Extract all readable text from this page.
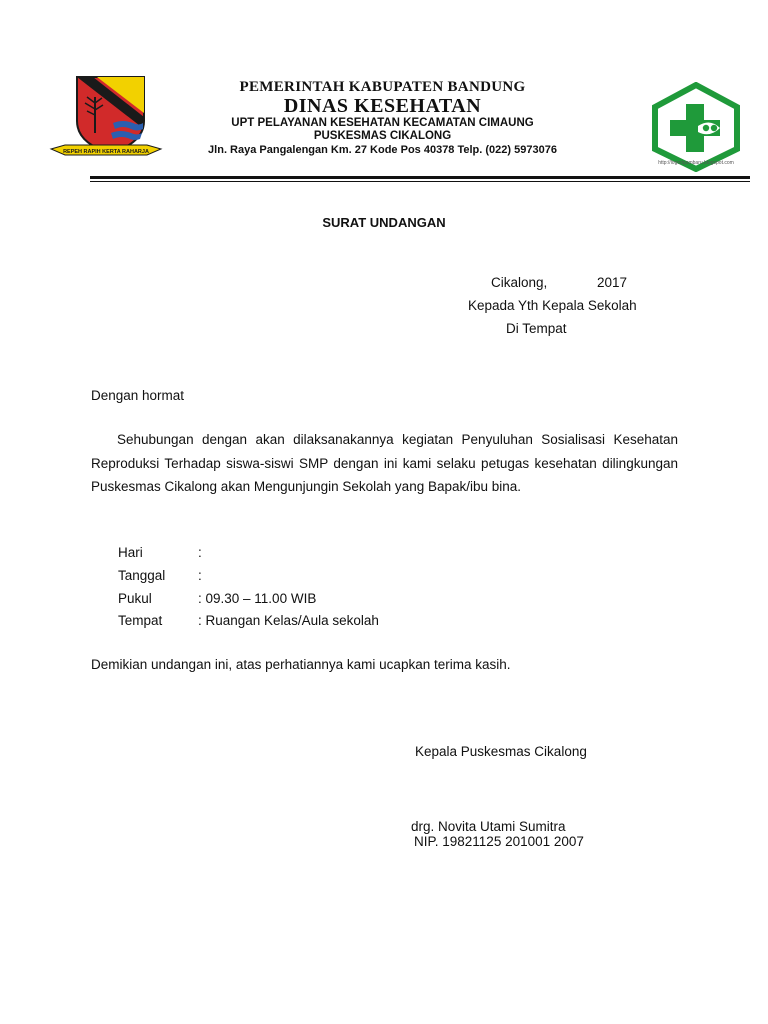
REPEH RAPIH KERTA RAHARJA
PEMERINTAH KABUPATEN BANDUNG
DINAS KESEHATAN
UPT PELAYANAN KESEHATAN KECAMATAN CIMAUNG
PUSKESMAS CIKALONG
Jln. Raya Pangalengan Km. 27 Kode Pos 40378 Telp. (022) 5973076
http://logodgambaru.blogspot.com
SURAT UNDANGAN
Cikalong,	2017
Kepada Yth Kepala Sekolah
Di Tempat
Dengan hormat
Sehubungan dengan akan dilaksanakannya kegiatan Penyuluhan Sosialisasi Kesehatan Reproduksi Terhadap siswa-siswi SMP dengan ini kami selaku petugas kesehatan dilingkungan Puskesmas Cikalong akan Mengunjungin Sekolah yang Bapak/ibu bina.
Hari	:
Tanggal :
Pukul	: 09.30 – 11.00 WIB
Tempat	: Ruangan Kelas/Aula sekolah
Demikian undangan ini, atas perhatiannya kami ucapkan terima kasih.
Kepala Puskesmas Cikalong
drg. Novita Utami Sumitra
NIP. 19821125 201001 2007
